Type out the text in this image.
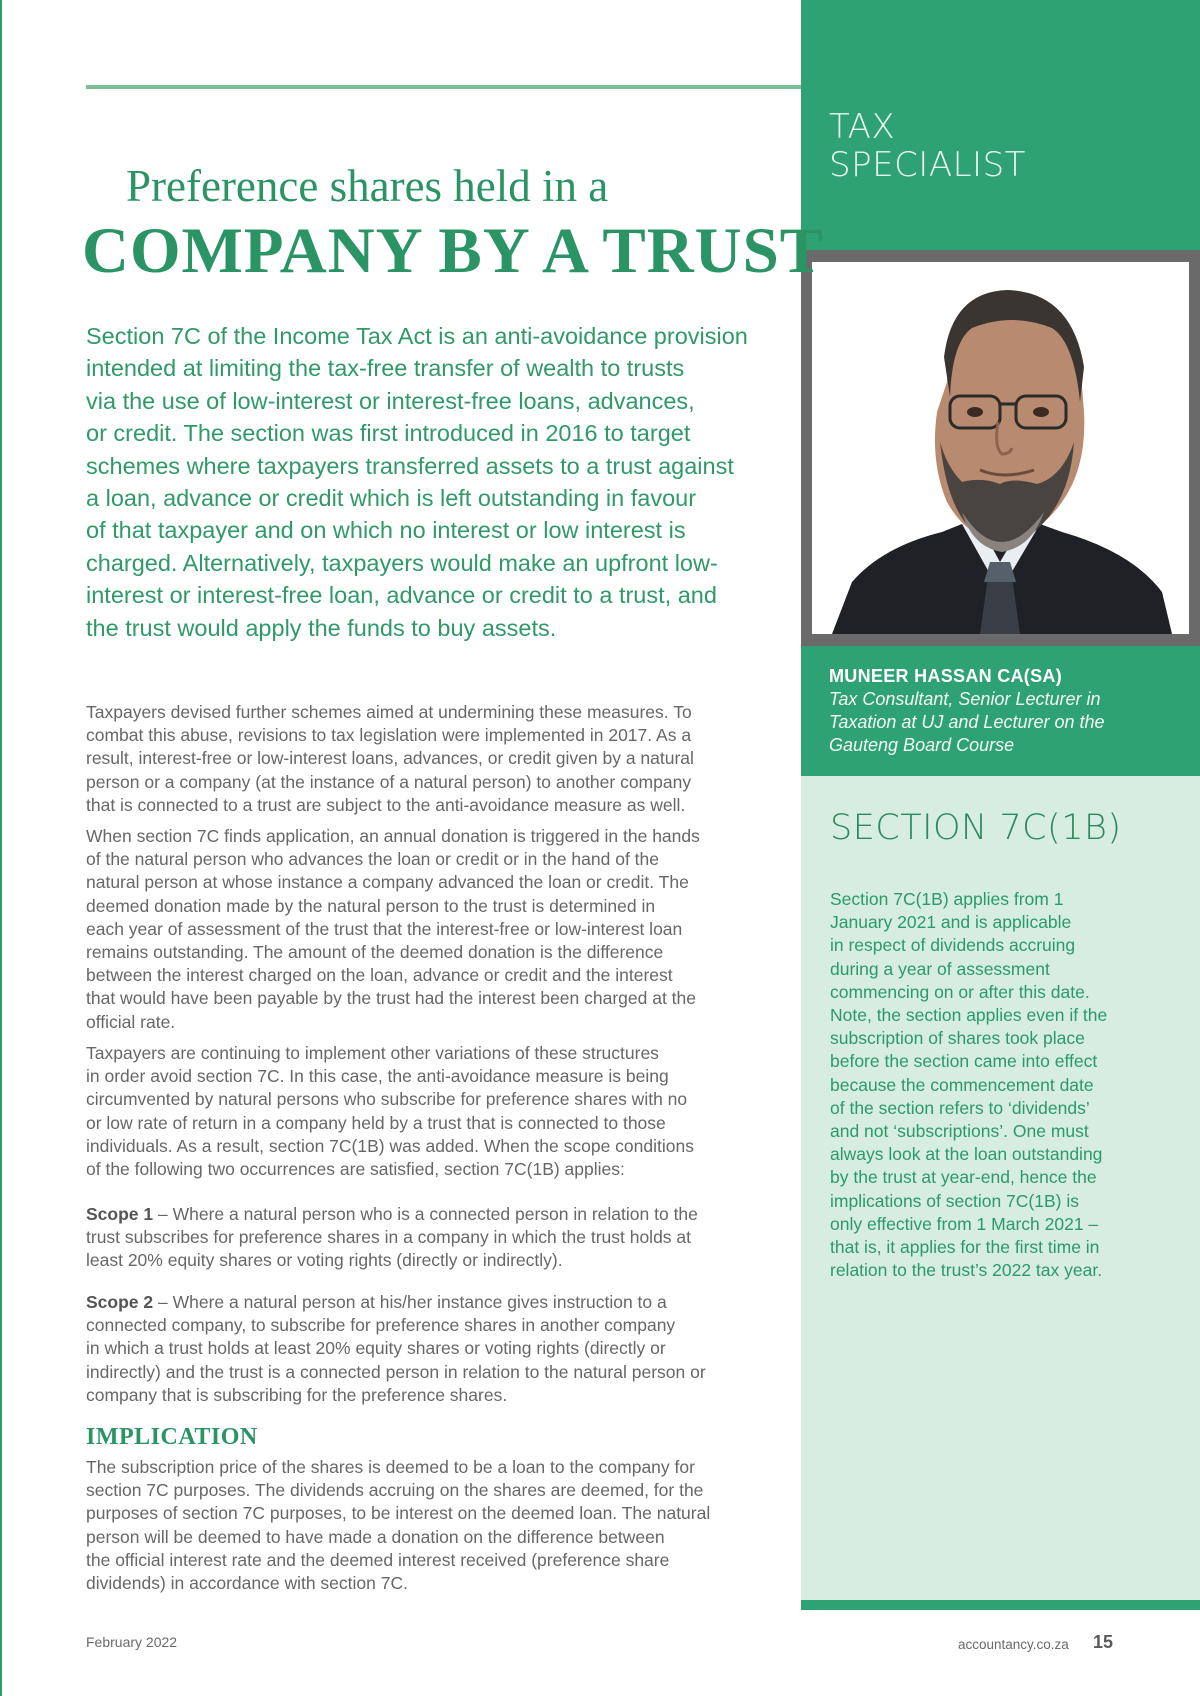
TAX
SPECIALIST
MUNEER HASSAN CA(SA)
Tax Consultant, Senior Lecturer in
Taxation at UJ and Lecturer on the
Gauteng Board Course
SECTION 7C(1B)
Section 7C(1B) applies from 1
January 2021 and is applicable
in respect of dividends accruing
during a year of assessment
commencing on or after this date.
Note, the section applies even if the
subscription of shares took place
before the section came into effect
because the commencement date
of the section refers to ‘dividends’
and not ‘subscriptions’. One must
always look at the loan outstanding
by the trust at year-end, hence the
implications of section 7C(1B) is
only effective from 1 March 2021 –
that is, it applies for the first time in
relation to the trust’s 2022 tax year.
Preference shares held in a
COMPANY BY A TRUST
Section 7C of the Income Tax Act is an anti-avoidance provision
intended at limiting the tax-free transfer of wealth to trusts
via the use of low-interest or interest-free loans, advances,
or credit. The section was first introduced in 2016 to target
schemes where taxpayers transferred assets to a trust against
a loan, advance or credit which is left outstanding in favour
of that taxpayer and on which no interest or low interest is
charged. Alternatively, taxpayers would make an upfront low-
interest or interest-free loan, advance or credit to a trust, and
the trust would apply the funds to buy assets.
Taxpayers devised further schemes aimed at undermining these measures. To
combat this abuse, revisions to tax legislation were implemented in 2017. As a
result, interest-free or low-interest loans, advances, or credit given by a natural
person or a company (at the instance of a natural person) to another company
that is connected to a trust are subject to the anti-avoidance measure as well.
When section 7C finds application, an annual donation is triggered in the hands
of the natural person who advances the loan or credit or in the hand of the
natural person at whose instance a company advanced the loan or credit. The
deemed donation made by the natural person to the trust is determined in
each year of assessment of the trust that the interest-free or low-interest loan
remains outstanding. The amount of the deemed donation is the difference
between the interest charged on the loan, advance or credit and the interest
that would have been payable by the trust had the interest been charged at the
official rate.
Taxpayers are continuing to implement other variations of these structures
in order avoid section 7C. In this case, the anti-avoidance measure is being
circumvented by natural persons who subscribe for preference shares with no
or low rate of return in a company held by a trust that is connected to those
individuals. As a result, section 7C(1B) was added. When the scope conditions
of the following two occurrences are satisfied, section 7C(1B) applies:
Scope 1 – Where a natural person who is a connected person in relation to the
trust subscribes for preference shares in a company in which the trust holds at
least 20% equity shares or voting rights (directly or indirectly).
Scope 2 – Where a natural person at his/her instance gives instruction to a
connected company, to subscribe for preference shares in another company
in which a trust holds at least 20% equity shares or voting rights (directly or
indirectly) and the trust is a connected person in relation to the natural person or
company that is subscribing for the preference shares.
IMPLICATION
The subscription price of the shares is deemed to be a loan to the company for
section 7C purposes. The dividends accruing on the shares are deemed, for the
purposes of section 7C purposes, to be interest on the deemed loan. The natural
person will be deemed to have made a donation on the difference between
the official interest rate and the deemed interest received (preference share
dividends) in accordance with section 7C.
February 2022	accountancy.co.za 15
